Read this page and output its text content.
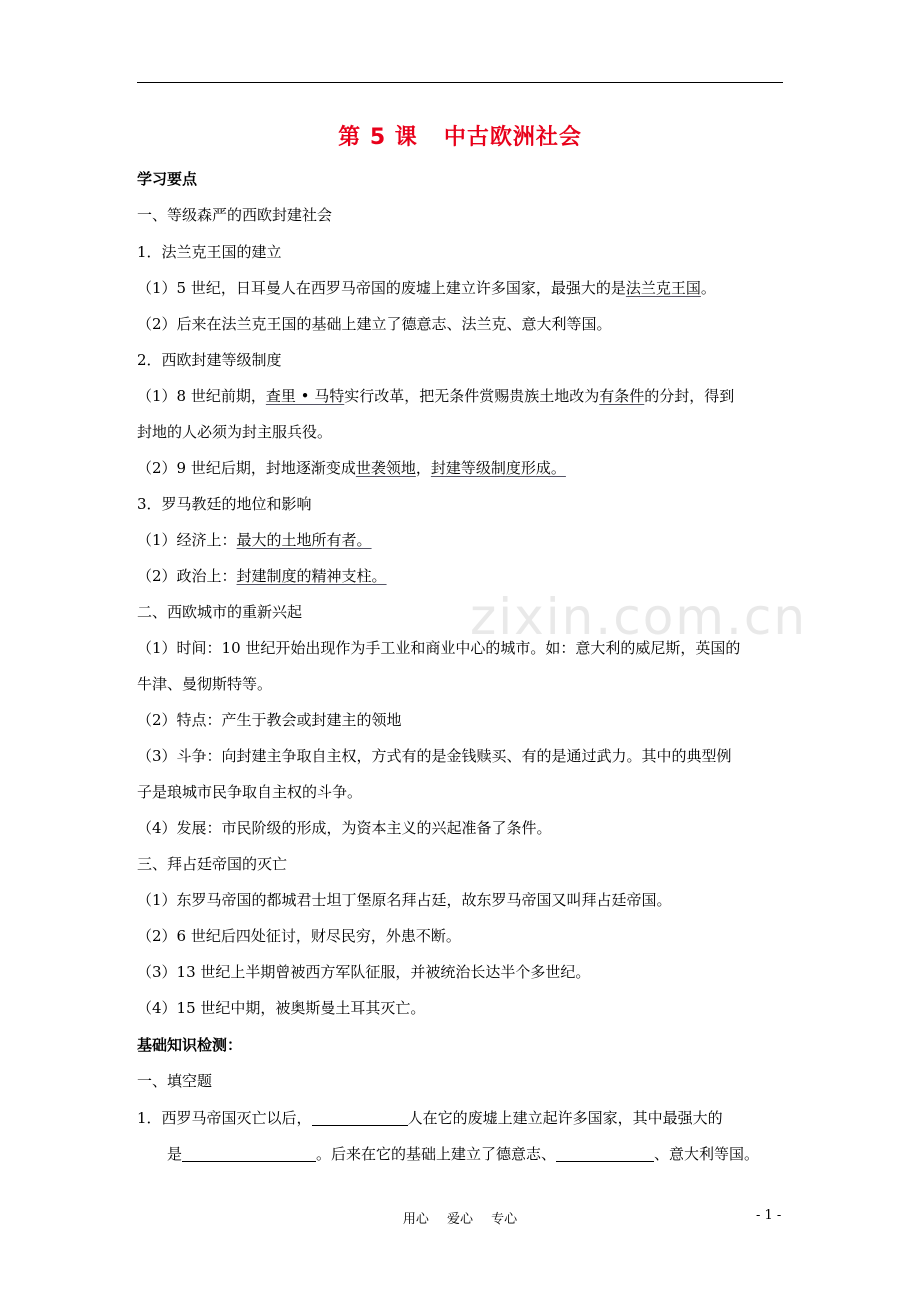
zixin.com.cn
第 5 课 中古欧洲社会
学习要点
一、等级森严的西欧封建社会
1．法兰克王国的建立
（1）5 世纪，日耳曼人在西罗马帝国的废墟上建立许多国家，最强大的是法兰克王国。
（2）后来在法兰克王国的基础上建立了德意志、法兰克、意大利等国。
2．西欧封建等级制度
（1）8 世纪前期，查里 • 马特实行改革，把无条件赏赐贵族土地改为有条件的分封，得到
封地的人必须为封主服兵役。
（2）9 世纪后期，封地逐渐变成世袭领地，封建等级制度形成。
3．罗马教廷的地位和影响
（1）经济上：最大的土地所有者。
（2）政治上：封建制度的精神支柱。
二、西欧城市的重新兴起
（1）时间：10 世纪开始出现作为手工业和商业中心的城市。如：意大利的威尼斯，英国的
牛津、曼彻斯特等。
（2）特点：产生于教会或封建主的领地
（3）斗争：向封建主争取自主权，方式有的是金钱赎买、有的是通过武力。其中的典型例
子是琅城市民争取自主权的斗争。
（4）发展：市民阶级的形成，为资本主义的兴起准备了条件。
三、拜占廷帝国的灭亡
（1）东罗马帝国的都城君士坦丁堡原名拜占廷，故东罗马帝国又叫拜占廷帝国。
（2）6 世纪后四处征讨，财尽民穷，外患不断。
（3）13 世纪上半期曾被西方军队征服，并被统治长达半个多世纪。
（4）15 世纪中期，被奥斯曼土耳其灭亡。
基础知识检测：
一、填空题
1．西罗马帝国灭亡以后，	人在它的废墟上建立起许多国家，其中最强大的
是	。后来在它的基础上建立了德意志、	、意大利等国。
用心 爱心 专心	- 1 -
